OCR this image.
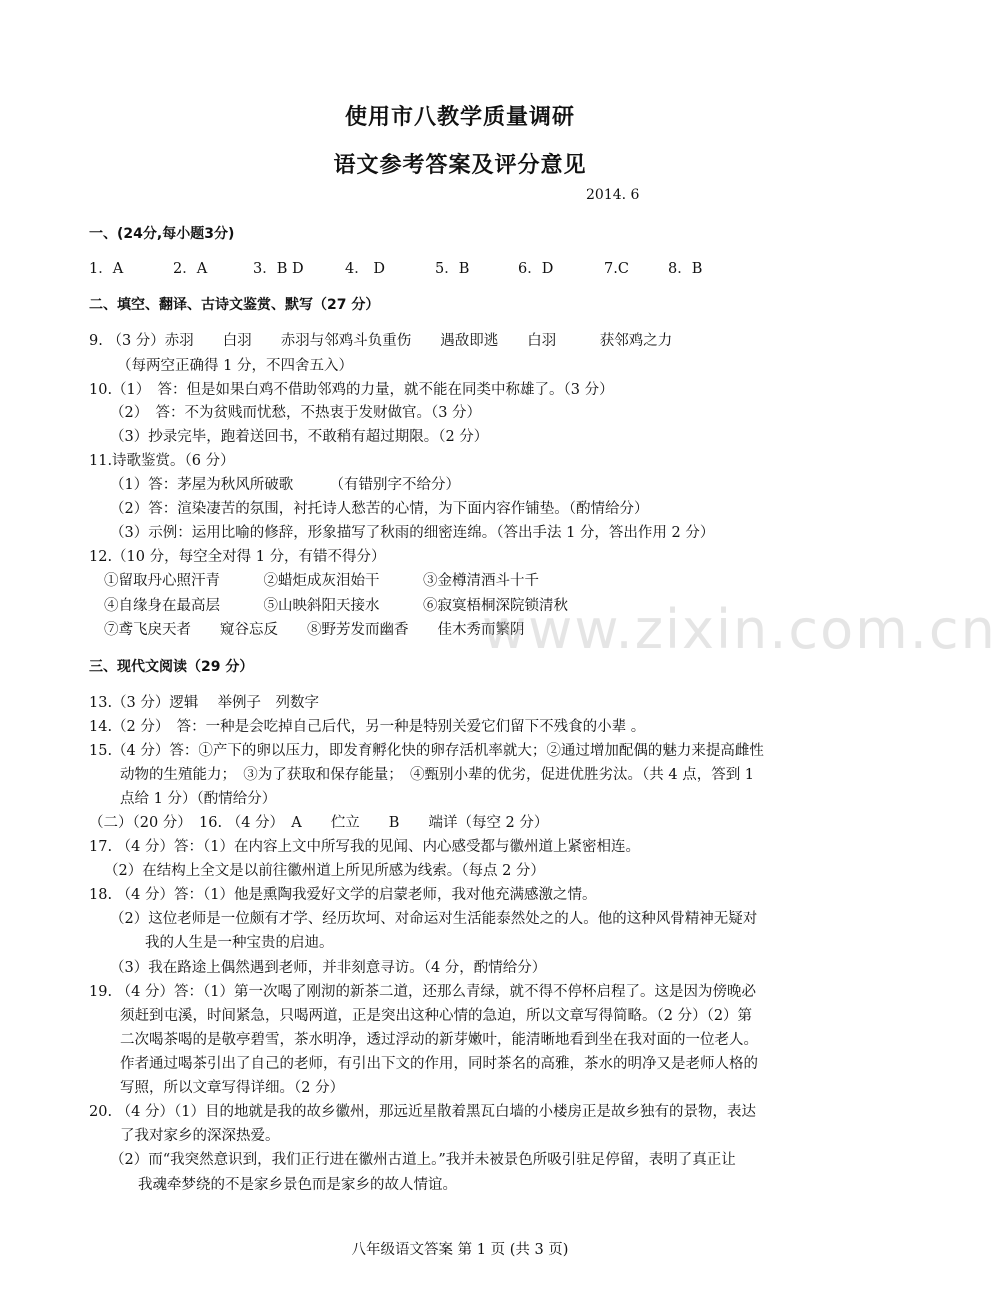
使用市八教学质量调研
语文参考答案及评分意见
2014. 6
一、(24分,每小题3分)
1．A	2．A	3．B D	4． D	5．B	6．D	7.C	8．B
二、填空、翻译、古诗文鉴赏、默写（27 分）
9. （3 分）赤羽　　白羽　　赤羽与邻鸡斗负重伤　　遇敌即逃　　白羽　　　获邻鸡之力
（每两空正确得 1 分，不四舍五入）
10.（1）　答：但是如果白鸡不借助邻鸡的力量，就不能在同类中称雄了。（3 分）
（2）　答：不为贫贱而忧愁，不热衷于发财做官。（3 分）
（3）抄录完毕，跑着送回书，不敢稍有超过期限。（2 分）
11.诗歌鉴赏。（6 分）
（1）答：茅屋为秋风所破歌　　　（有错别字不给分）
（2）答：渲染凄苦的氛围，衬托诗人愁苦的心情，为下面内容作铺垫。（酌情给分）
（3）示例：运用比喻的修辞，形象描写了秋雨的细密连绵。（答出手法 1 分，答出作用 2 分）
12.（10 分，每空全对得 1 分，有错不得分）
①留取丹心照汗青　　　②蜡炬成灰泪始干　　　③金樽清酒斗十千
④自缘身在最高层　　　⑤山映斜阳天接水　　　⑥寂寞梧桐深院锁清秋
⑦鸢飞戾天者　　窥谷忘反　　⑧野芳发而幽香　　佳木秀而繁阴
三、现代文阅读（29 分）
13.（3 分）逻辑　 举例子　列数字
14.（2 分）　答：一种是会吃掉自己后代，另一种是特别关爱它们留下不残食的小辈 。
15.（4 分）答：①产下的卵以压力，即发育孵化快的卵存活机率就大；②通过增加配偶的魅力来提高雌性
动物的生殖能力；　③为了获取和保存能量；　④甄别小辈的优劣，促进优胜劣汰。（共 4 点，答到 1
点给 1 分）（酌情给分）
（二）（20 分）　16. （4 分）　A　　伫立　　B　　端详（每空 2 分）
17. （4 分）答：（1）在内容上文中所写我的见闻、内心感受都与徽州道上紧密相连。
（2）在结构上全文是以前往徽州道上所见所感为线索。（每点 2 分）
18. （4 分）答：（1）他是熏陶我爱好文学的启蒙老师，我对他充满感激之情。
（2）这位老师是一位颇有才学、经历坎坷、对命运对生活能泰然处之的人。他的这种风骨精神无疑对
我的人生是一种宝贵的启迪。
（3）我在路途上偶然遇到老师，并非刻意寻访。（4 分，酌情给分）
19. （4 分）答：（1）第一次喝了刚沏的新茶二道，还那么青绿，就不得不停杯启程了。这是因为傍晚必
须赶到屯溪，时间紧急，只喝两道，正是突出这种心情的急迫，所以文章写得简略。（2 分）（2）第
二次喝茶喝的是敬亭碧雪，茶水明净，透过浮动的新芽嫩叶，能清晰地看到坐在我对面的一位老人。
作者通过喝茶引出了自己的老师，有引出下文的作用，同时茶名的高雅，茶水的明净又是老师人格的
写照，所以文章写得详细。（2 分）
20. （4 分）（1）目的地就是我的故乡徽州，那远近星散着黑瓦白墙的小楼房正是故乡独有的景物，表达
了我对家乡的深深热爱。
（2）而“我突然意识到，我们正行进在徽州古道上。”我并未被景色所吸引驻足停留，表明了真正让
我魂牵梦绕的不是家乡景色而是家乡的故人情谊。
www.zixin.com.cn
八年级语文答案 第 1 页 (共 3 页)
